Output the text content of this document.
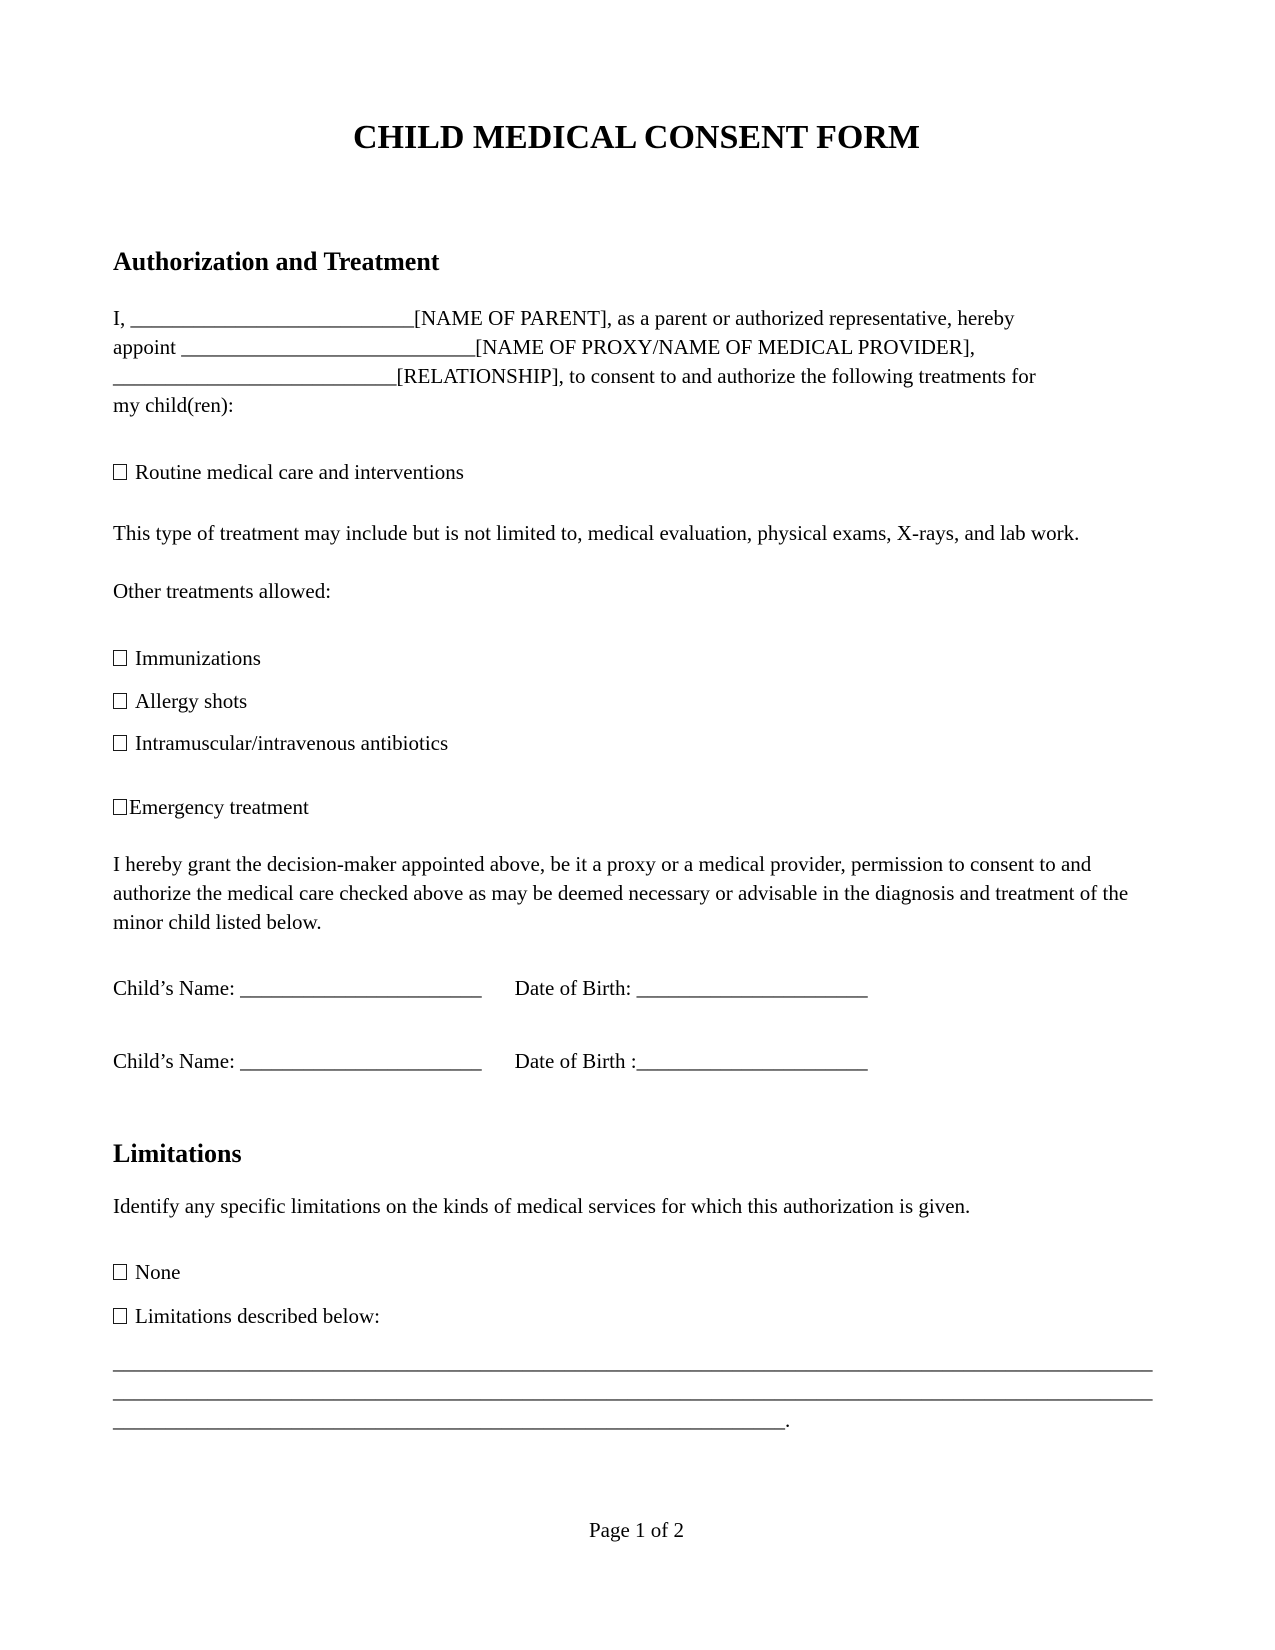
CHILD MEDICAL CONSENT FORM
Authorization and Treatment

I, ___________________________[NAME OF PARENT], as a parent or authorized representative, hereby
appoint ____________________________[NAME OF PROXY/NAME OF MEDICAL PROVIDER],
___________________________[RELATIONSHIP], to consent to and authorize the following treatments for
my child(ren):

Routine medical care and interventions

This type of treatment may include but is not limited to, medical evaluation, physical exams, X-rays, and lab work.

Other treatments allowed:

Immunizations

Allergy shots

Intramuscular/intravenous antibiotics

Emergency treatment

I hereby grant the decision-maker appointed above, be it a proxy or a medical provider, permission to consent to and authorize the medical care checked above as may be deemed necessary or advisable in the diagnosis and treatment of the minor child listed below.

Child’s Name: _______________________ Date of Birth: ______________________

Child’s Name: _______________________ Date of Birth :______________________

Limitations

Identify any specific limitations on the kinds of medical services for which this authorization is given.

None

Limitations described below:

___________________________________________________________________________________________________
___________________________________________________________________________________________________
________________________________________________________________.
Page 1 of 2
